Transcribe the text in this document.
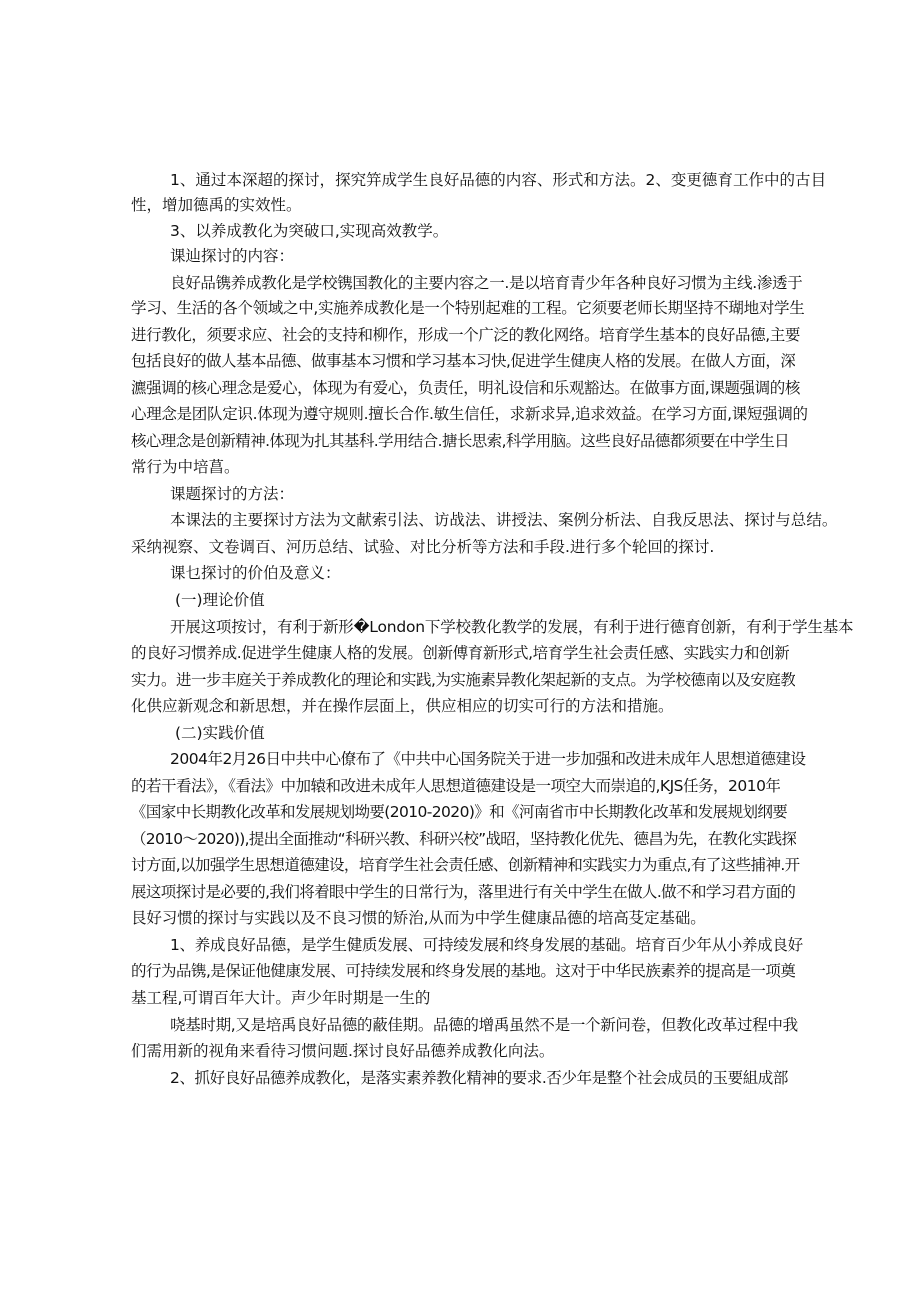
1、通过本深超的探讨，探究笄成学生良好品德的内容、形式和方法。2、变更德育工作中的古目

性，增加德禹的实效性。

3、以养成教化为突破口,实现高效教学。

课辿探讨的内容：

良好品镌养成教化是学校镌国教化的主要内容之一.是以培育青少年各种良好习惯为主线.渗透于

学习、生活的各个领域之中,实施养成教化是一个特别起难的工程。它须要老师长期坚持不瑚地对学生

进行教化，须要求应、社会的支持和柳作，形成一个广泛的教化网络。培育学生基本的良好品德,主要

包括良好的做人基本品德、做事基本习惯和学习基本习快,促进学生健庚人格的发展。在做人方面，深

瀌强调的核心理念是爱心，体现为有爱心，负责任，明礼设信和乐观豁达。在做事方面,课题强调的核

心理念是团队定识.体现为遵守规则.擅长合作.敏生信任，求新求异,追求效益。在学习方面,课短强调的

核心理念是创新精神.体现为扎其基科.学用结合.搪长思索,科学用脑。这些良好品德都须要在中学生日

常行为中培菖。

课题探讨的方法：

本课法的主要探讨方法为文献索引法、访战法、讲授法、案例分析法、自我反思法、探讨与总结。

采纳视察、文卷调百、河历总结、试验、对比分析等方法和手段.进行多个轮回的探讨.

课乜探讨的价伯及意义：

(一)理论价值

开展这项按讨，有利于新形�London下学校教化教学的发展，有利于进行德育创新，有利于学生基本

的良好习惯养成.促进学生健康人格的发展。创新傅育新形式,培育学生社会责任感、实践实力和创新

实力。进一步丰庭关于养成教化的理论和实践,为实施素异教化架起新的支点。为学校德南以及安庭教

化供应新观念和新思想，并在操作层面上，供应相应的切实可行的方法和措施。

(二)实践价值

2004年2月26日中共中心僚布了《中共中心国务院关于进一步加强和改进未成年人思想道德建设

的若干看法》，《看法》中加辕和改进未成年人思想道德建设是一项空大而崇追的,KJS任务，2010年

《国家中长期教化改革和发展规划坳要(2010-2020)》和《河南省市中长期教化改革和发展规划纲要

（2010～2020)),提出全面推动“科研兴教、科研兴校”战昭，坚持教化优先、德昌为先，在教化实践探

讨方面,以加强学生思想道德建设，培育学生社会责任感、创新精神和实践实力为重点,有了这些捕神.开

展这项探讨是必要的,我们将着眼中学生的日常行为，落里进行有关中学生在做人.做不和学习君方面的

艮好习惯的探讨与实践以及不良习惯的矫治,从而为中学生健康品德的培高芟定基础。

1、养成良好品德，是学生健质发展、可持绫发展和终身发展的基础。培育百少年从小养成良好

的行为品镌,是保证他健康发展、可持续发展和终身发展的基地。这对于中华民族素养的提高是一项奠

基工程,可谓百年大计。声少年时期是一生的

哓基时期,又是培禹良好品德的蔽佳期。品德的增禹虽然不是一个新问卷，但教化改革过程中我

们需用新的视角来看待习惯问题.探讨良好品德养成教化向法。

2、抓好良好品德养成教化，是落实素养教化精神的要求.否少年是整个社会成员的玉要組成部
